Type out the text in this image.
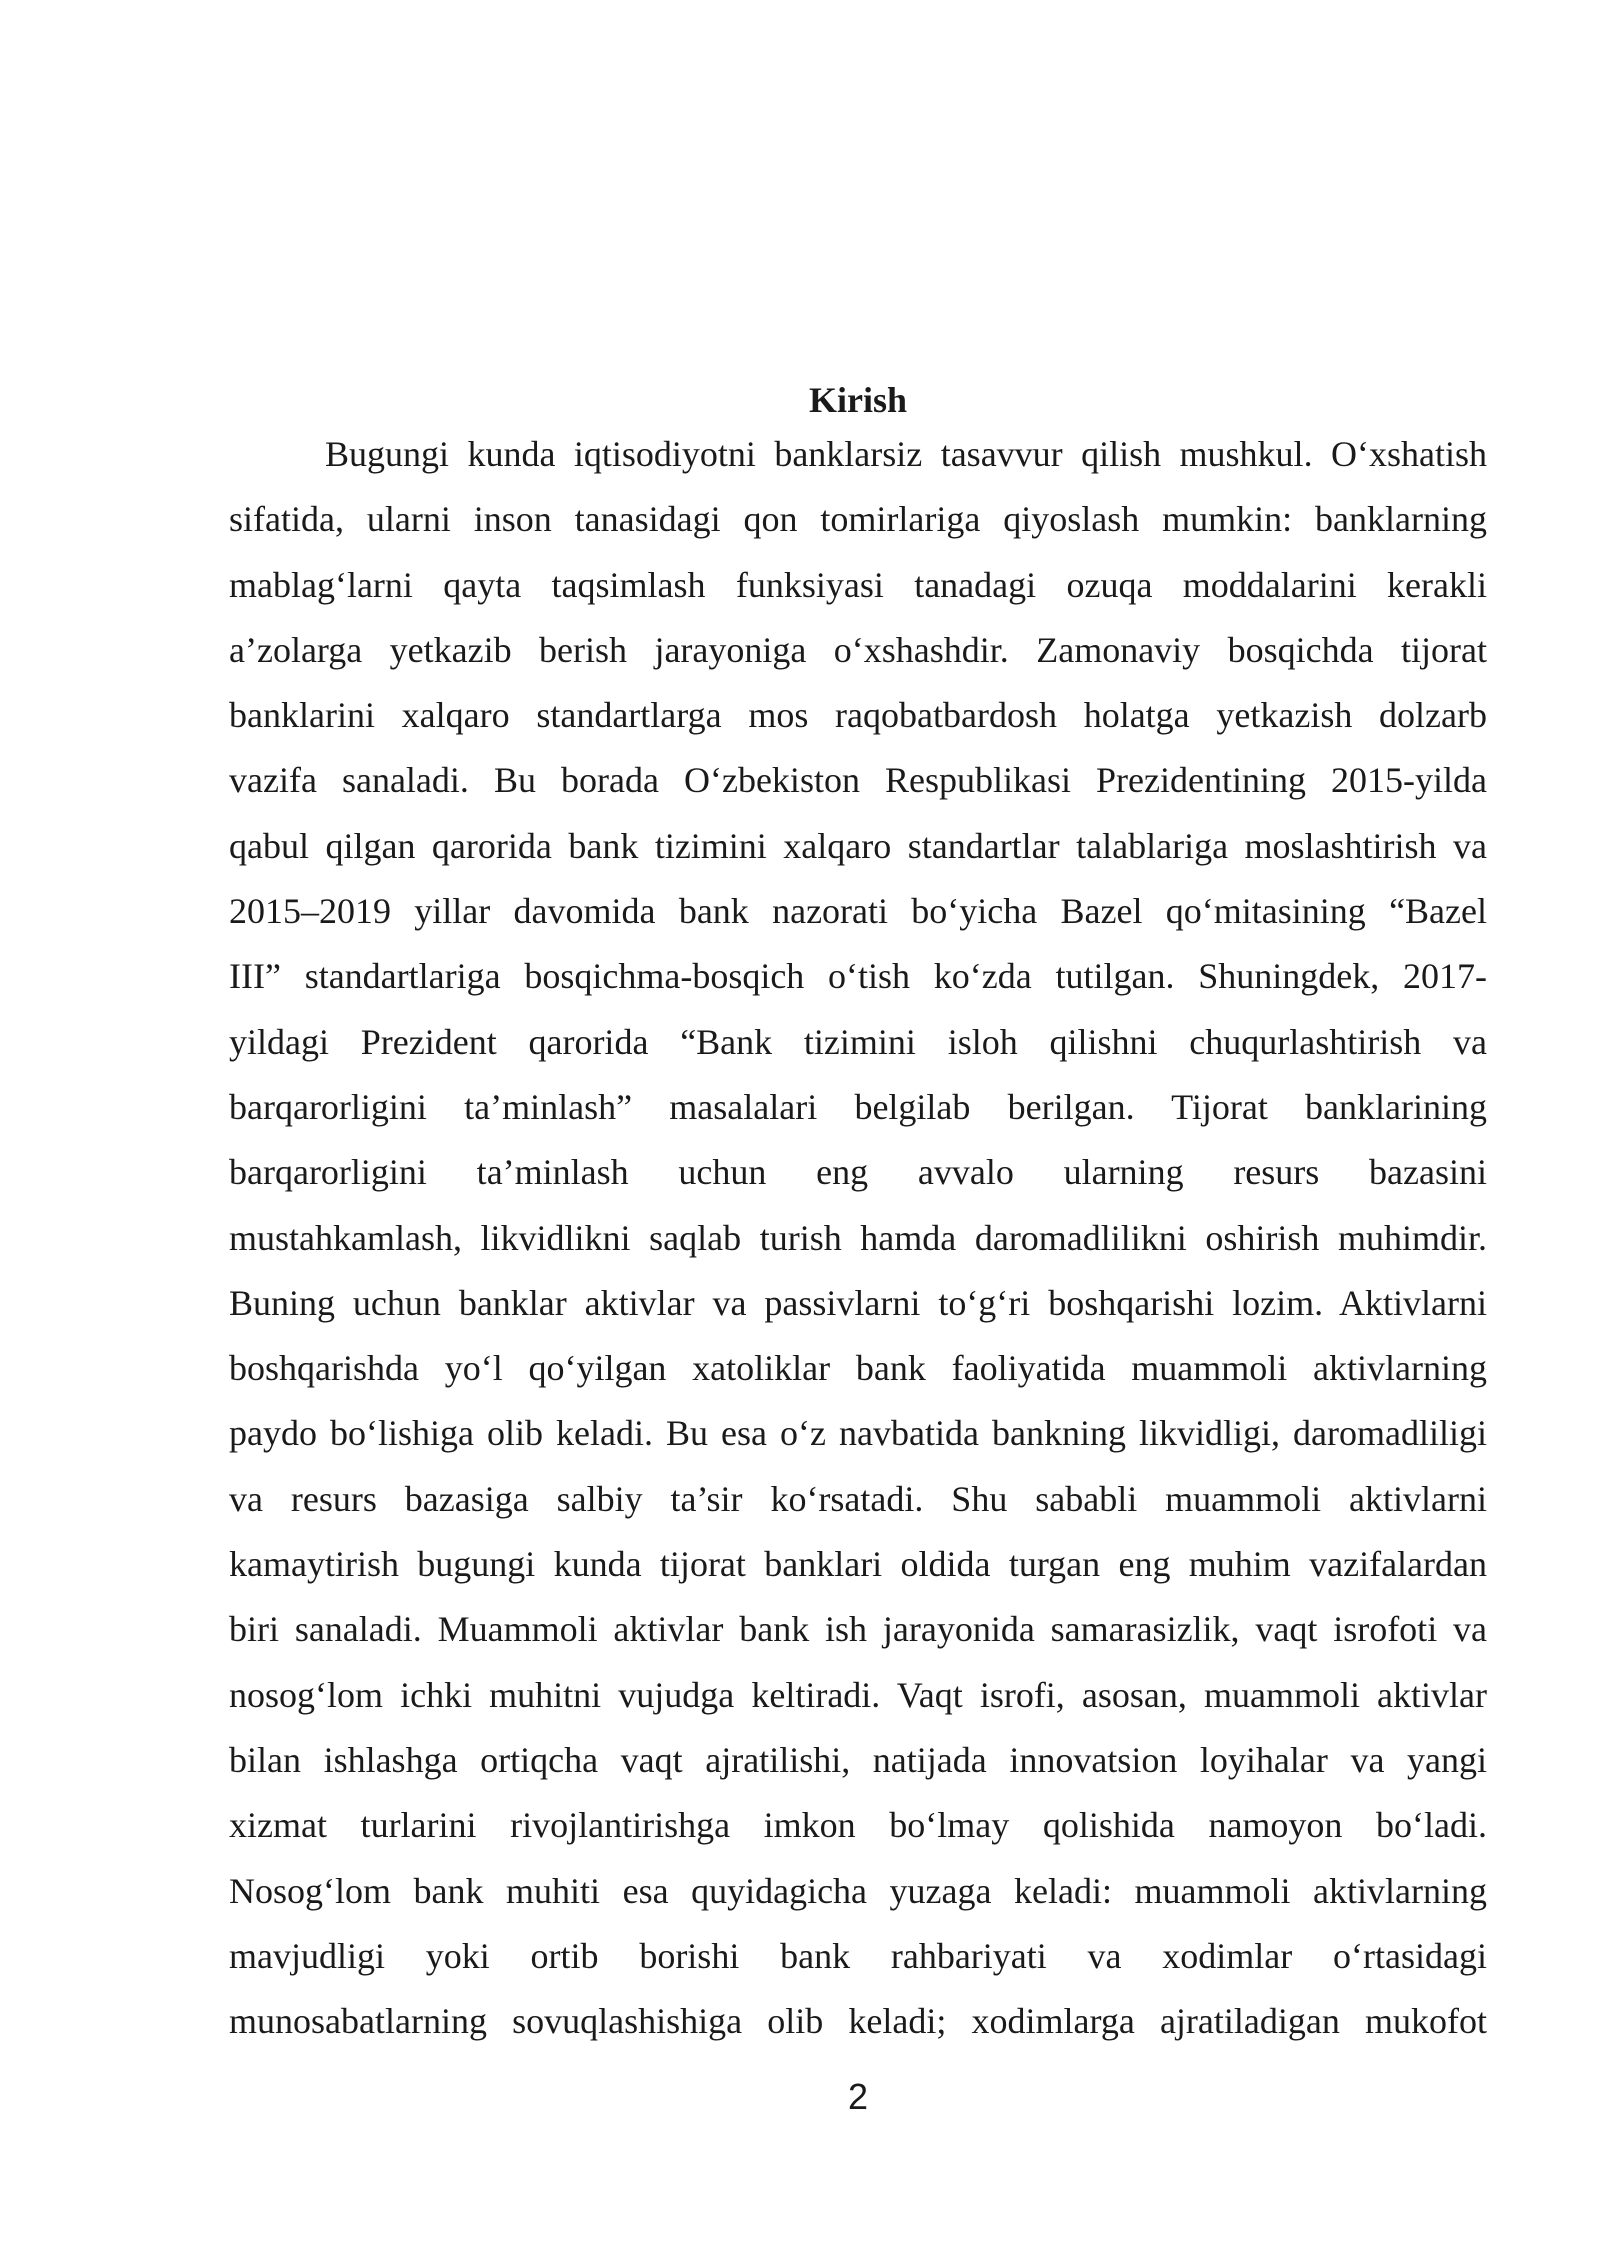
Kirish
Bugungi kunda iqtisodiyotni banklarsiz tasavvur qilish mushkul. O‘xshatish
sifatida, ularni inson tanasidagi qon tomirlariga qiyoslash mumkin: banklarning
mablag‘larni qayta taqsimlash funksiyasi tanadagi ozuqa moddalarini kerakli
a’zolarga yetkazib berish jarayoniga o‘xshashdir. Zamonaviy bosqichda tijorat
banklarini xalqaro standartlarga mos raqobatbardosh holatga yetkazish dolzarb
vazifa sanaladi. Bu borada O‘zbekiston Respublikasi Prezidentining 2015-yilda
qabul qilgan qarorida bank tizimini xalqaro standartlar talablariga moslashtirish va
2015–2019 yillar davomida bank nazorati bo‘yicha Bazel qo‘mitasining “Bazel
III” standartlariga bosqichma-bosqich o‘tish ko‘zda tutilgan. Shuningdek, 2017-
yildagi Prezident qarorida “Bank tizimini isloh qilishni chuqurlashtirish va
barqarorligini ta’minlash” masalalari belgilab berilgan. Tijorat banklarining
barqarorligini ta’minlash uchun eng avvalo ularning resurs bazasini
mustahkamlash, likvidlikni saqlab turish hamda daromadlilikni oshirish muhimdir.
Buning uchun banklar aktivlar va passivlarni to‘g‘ri boshqarishi lozim. Aktivlarni
boshqarishda yo‘l qo‘yilgan xatoliklar bank faoliyatida muammoli aktivlarning
paydo bo‘lishiga olib keladi. Bu esa o‘z navbatida bankning likvidligi, daromadliligi
va resurs bazasiga salbiy ta’sir ko‘rsatadi. Shu sababli muammoli aktivlarni
kamaytirish bugungi kunda tijorat banklari oldida turgan eng muhim vazifalardan
biri sanaladi. Muammoli aktivlar bank ish jarayonida samarasizlik, vaqt isrofoti va
nosog‘lom ichki muhitni vujudga keltiradi. Vaqt isrofi, asosan, muammoli aktivlar
bilan ishlashga ortiqcha vaqt ajratilishi, natijada innovatsion loyihalar va yangi
xizmat turlarini rivojlantirishga imkon bo‘lmay qolishida namoyon bo‘ladi.
Nosog‘lom bank muhiti esa quyidagicha yuzaga keladi: muammoli aktivlarning
mavjudligi yoki ortib borishi bank rahbariyati va xodimlar o‘rtasidagi
munosabatlarning sovuqlashishiga olib keladi; xodimlarga ajratiladigan mukofot
2
